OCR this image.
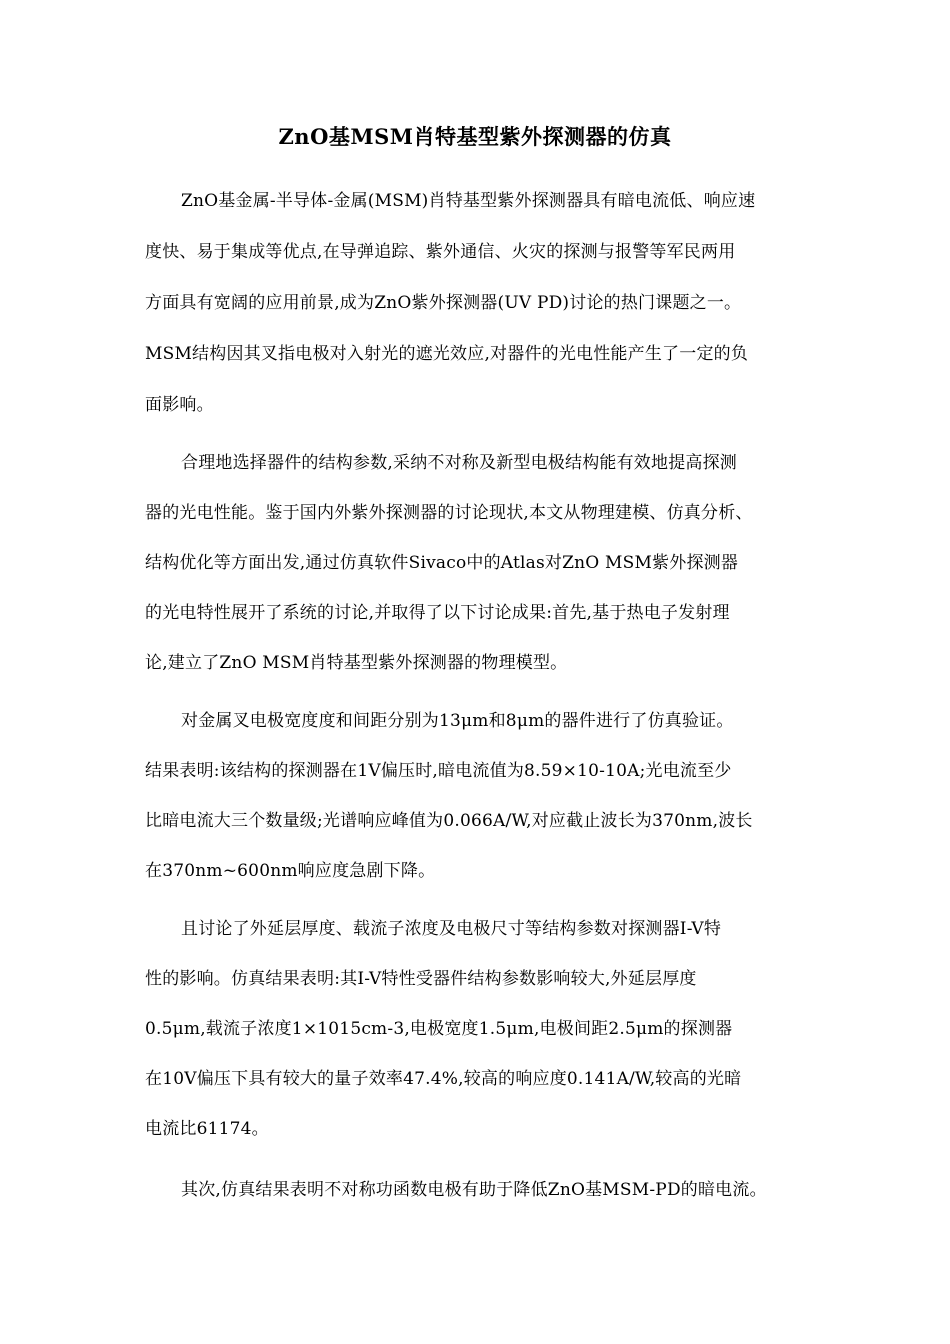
ZnO基MSM肖特基型紫外探测器的仿真
ZnO基金属-半导体-金属(MSM)肖特基型紫外探测器具有暗电流低、响应速
度快、易于集成等优点,在导弹追踪、紫外通信、火灾的探测与报警等军民两用
方面具有宽阔的应用前景,成为ZnO紫外探测器(UV PD)讨论的热门课题之一。
MSM结构因其叉指电极对入射光的遮光效应,对器件的光电性能产生了一定的负
面影响。
合理地选择器件的结构参数,采纳不对称及新型电极结构能有效地提高探测
器的光电性能。鉴于国内外紫外探测器的讨论现状,本文从物理建模、仿真分析、
结构优化等方面出发,通过仿真软件Sivaco中的Atlas对ZnO MSM紫外探测器
的光电特性展开了系统的讨论,并取得了以下讨论成果:首先,基于热电子发射理
论,建立了ZnO MSM肖特基型紫外探测器的物理模型。
对金属叉电极宽度度和间距分别为13μm和8μm的器件进行了仿真验证。
结果表明:该结构的探测器在1V偏压时,暗电流值为8.59×10-10A;光电流至少
比暗电流大三个数量级;光谱响应峰值为0.066A/W,对应截止波长为370nm,波长
在370nm~600nm响应度急剧下降。
且讨论了外延层厚度、载流子浓度及电极尺寸等结构参数对探测器I-V特
性的影响。仿真结果表明:其I-V特性受器件结构参数影响较大,外延层厚度
0.5μm,载流子浓度1×1015cm-3,电极宽度1.5μm,电极间距2.5μm的探测器
在10V偏压下具有较大的量子效率47.4%,较高的响应度0.141A/W,较高的光暗
电流比61174。
其次,仿真结果表明不对称功函数电极有助于降低ZnO基MSM-PD的暗电流。
